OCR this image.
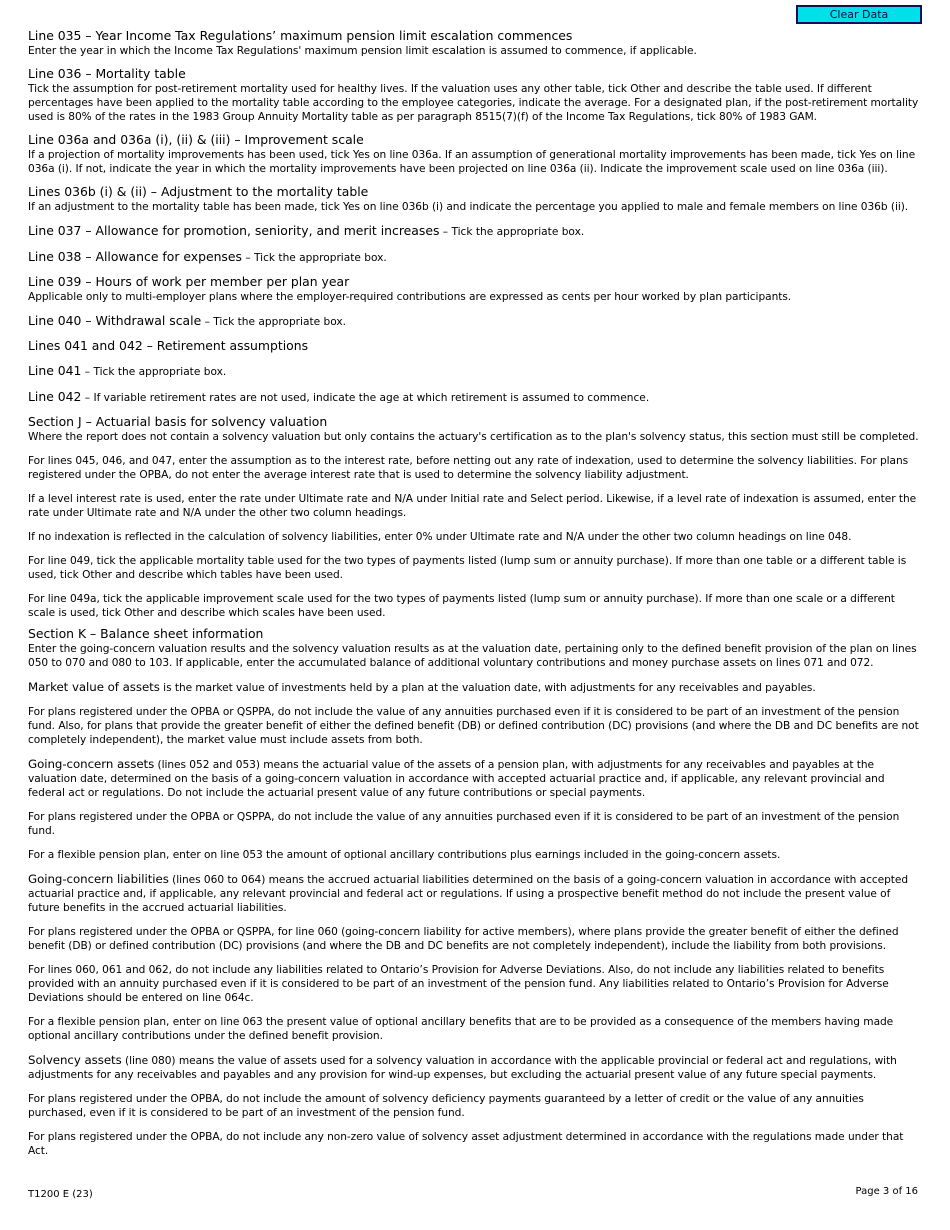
Clear Data

Line 035 – Year Income Tax Regulations’ maximum pension limit escalation commences

Enter the year in which the Income Tax Regulations' maximum pension limit escalation is assumed to commence, if applicable.

Line 036 – Mortality table

Tick the assumption for post-retirement mortality used for healthy lives. If the valuation uses any other table, tick Other and describe the table used. If different percentages have been applied to the mortality table according to the employee categories, indicate the average. For a designated plan, if the post-retirement mortality used is 80% of the rates in the 1983 Group Annuity Mortality table as per paragraph 8515(7)(f) of the Income Tax Regulations, tick 80% of 1983 GAM.

Line 036a and 036a (i), (ii) & (iii) – Improvement scale

If a projection of mortality improvements has been used, tick Yes on line 036a. If an assumption of generational mortality improvements has been made, tick Yes on line 036a (i). If not, indicate the year in which the mortality improvements have been projected on line 036a (ii). Indicate the improvement scale used on line 036a (iii).

Lines 036b (i) & (ii) – Adjustment to the mortality table

If an adjustment to the mortality table has been made, tick Yes on line 036b (i) and indicate the percentage you applied to male and female members on line 036b (ii).

Line 037 – Allowance for promotion, seniority, and merit increases – Tick the appropriate box.

Line 038 – Allowance for expenses – Tick the appropriate box.

Line 039 – Hours of work per member per plan year

Applicable only to multi-employer plans where the employer-required contributions are expressed as cents per hour worked by plan participants.

Line 040 – Withdrawal scale – Tick the appropriate box.

Lines 041 and 042 – Retirement assumptions

Line 041 – Tick the appropriate box.

Line 042 – If variable retirement rates are not used, indicate the age at which retirement is assumed to commence.

Section J – Actuarial basis for solvency valuation

Where the report does not contain a solvency valuation but only contains the actuary's certification as to the plan's solvency status, this section must still be completed.

For lines 045, 046, and 047, enter the assumption as to the interest rate, before netting out any rate of indexation, used to determine the solvency liabilities. For plans registered under the OPBA, do not enter the average interest rate that is used to determine the solvency liability adjustment.

If a level interest rate is used, enter the rate under Ultimate rate and N/A under Initial rate and Select period. Likewise, if a level rate of indexation is assumed, enter the rate under Ultimate rate and N/A under the other two column headings.

If no indexation is reflected in the calculation of solvency liabilities, enter 0% under Ultimate rate and N/A under the other two column headings on line 048.

For line 049, tick the applicable mortality table used for the two types of payments listed (lump sum or annuity purchase). If more than one table or a different table is used, tick Other and describe which tables have been used.

For line 049a, tick the applicable improvement scale used for the two types of payments listed (lump sum or annuity purchase). If more than one scale or a different scale is used, tick Other and describe which scales have been used.

Section K – Balance sheet information

Enter the going-concern valuation results and the solvency valuation results as at the valuation date, pertaining only to the defined benefit provision of the plan on lines 050 to 070 and 080 to 103. If applicable, enter the accumulated balance of additional voluntary contributions and money purchase assets on lines 071 and 072.

Market value of assets is the market value of investments held by a plan at the valuation date, with adjustments for any receivables and payables.

For plans registered under the OPBA or QSPPA, do not include the value of any annuities purchased even if it is considered to be part of an investment of the pension fund. Also, for plans that provide the greater benefit of either the defined benefit (DB) or defined contribution (DC) provisions (and where the DB and DC benefits are not completely independent), the market value must include assets from both.

Going-concern assets (lines 052 and 053) means the actuarial value of the assets of a pension plan, with adjustments for any receivables and payables at the valuation date, determined on the basis of a going-concern valuation in accordance with accepted actuarial practice and, if applicable, any relevant provincial and federal act or regulations. Do not include the actuarial present value of any future contributions or special payments.

For plans registered under the OPBA or QSPPA, do not include the value of any annuities purchased even if it is considered to be part of an investment of the pension fund.

For a flexible pension plan, enter on line 053 the amount of optional ancillary contributions plus earnings included in the going-concern assets.

Going-concern liabilities (lines 060 to 064) means the accrued actuarial liabilities determined on the basis of a going-concern valuation in accordance with accepted actuarial practice and, if applicable, any relevant provincial and federal act or regulations. If using a prospective benefit method do not include the present value of future benefits in the accrued actuarial liabilities.

For plans registered under the OPBA or QSPPA, for line 060 (going-concern liability for active members), where plans provide the greater benefit of either the defined benefit (DB) or defined contribution (DC) provisions (and where the DB and DC benefits are not completely independent), include the liability from both provisions.

For lines 060, 061 and 062, do not include any liabilities related to Ontario’s Provision for Adverse Deviations. Also, do not include any liabilities related to benefits provided with an annuity purchased even if it is considered to be part of an investment of the pension fund. Any liabilities related to Ontario’s Provision for Adverse Deviations should be entered on line 064c.

For a flexible pension plan, enter on line 063 the present value of optional ancillary benefits that are to be provided as a consequence of the members having made optional ancillary contributions under the defined benefit provision.

Solvency assets (line 080) means the value of assets used for a solvency valuation in accordance with the applicable provincial or federal act and regulations, with adjustments for any receivables and payables and any provision for wind-up expenses, but excluding the actuarial present value of any future special payments.

For plans registered under the OPBA, do not include the amount of solvency deficiency payments guaranteed by a letter of credit or the value of any annuities purchased, even if it is considered to be part of an investment of the pension fund.

For plans registered under the OPBA, do not include any non-zero value of solvency asset adjustment determined in accordance with the regulations made under that Act.

T1200 E (23)	Page 3 of 16
